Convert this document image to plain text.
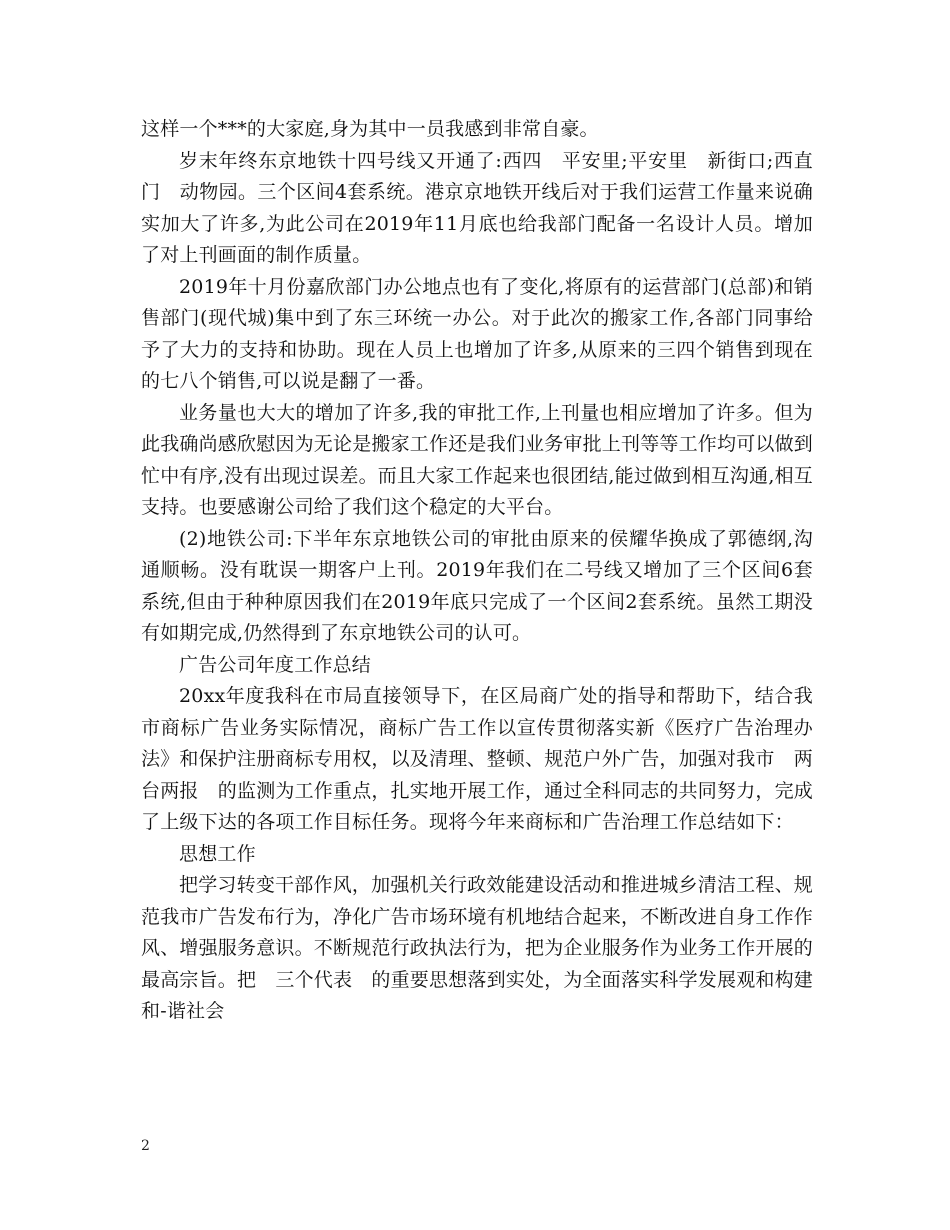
这样一个***的大家庭,身为其中一员我感到非常自豪。

岁末年终东京地铁十四号线又开通了:西四　平安里;平安里　新街口;西直门　动物园。三个区间4套系统。港京京地铁开线后对于我们运营工作量来说确实加大了许多,为此公司在2019年11月底也给我部门配备一名设计人员。增加了对上刊画面的制作质量。

2019年十月份嘉欣部门办公地点也有了变化,将原有的运营部门(总部)和销售部门(现代城)集中到了东三环统一办公。对于此次的搬家工作,各部门同事给予了大力的支持和协助。现在人员上也增加了许多,从原来的三四个销售到现在的七八个销售,可以说是翻了一番。

业务量也大大的增加了许多,我的审批工作,上刊量也相应增加了许多。但为此我确尚感欣慰因为无论是搬家工作还是我们业务审批上刊等等工作均可以做到忙中有序,没有出现过误差。而且大家工作起来也很团结,能过做到相互沟通,相互支持。也要感谢公司给了我们这个稳定的大平台。

(2)地铁公司:下半年东京地铁公司的审批由原来的侯耀华换成了郭德纲,沟通顺畅。没有耽误一期客户上刊。2019年我们在二号线又增加了三个区间6套系统,但由于种种原因我们在2019年底只完成了一个区间2套系统。虽然工期没有如期完成,仍然得到了东京地铁公司的认可。

广告公司年度工作总结

20xx年度我科在市局直接领导下，在区局商广处的指导和帮助下，结合我市商标广告业务实际情况，商标广告工作以宣传贯彻落实新《医疗广告治理办法》和保护注册商标专用权，以及清理、整顿、规范户外广告，加强对我市　两台两报　的监测为工作重点，扎实地开展工作，通过全科同志的共同努力，完成了上级下达的各项工作目标任务。现将今年来商标和广告治理工作总结如下：

思想工作

把学习转变干部作风，加强机关行政效能建设活动和推进城乡清洁工程、规范我市广告发布行为，净化广告市场环境有机地结合起来，不断改进自身工作作风、增强服务意识。不断规范行政执法行为，把为企业服务作为业务工作开展的最高宗旨。把　三个代表　的重要思想落到实处，为全面落实科学发展观和构建和-谐社会

2
